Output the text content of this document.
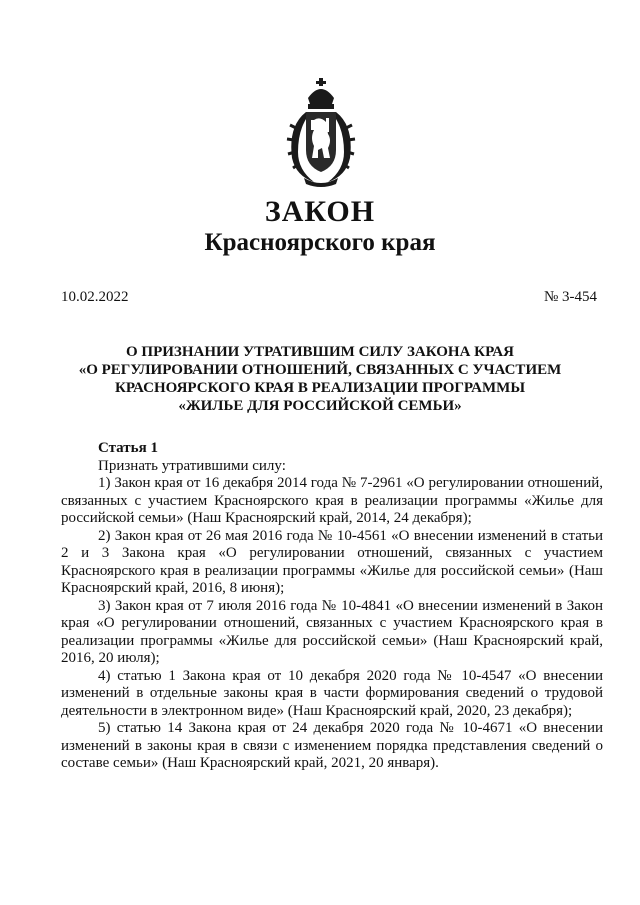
ЗАКОН
Красноярского края
10.02.2022	№ 3-454
О ПРИЗНАНИИ УТРАТИВШИМ СИЛУ ЗАКОНА КРАЯ
«О РЕГУЛИРОВАНИИ ОТНОШЕНИЙ, СВЯЗАННЫХ С УЧАСТИЕМ
КРАСНОЯРСКОГО КРАЯ В РЕАЛИЗАЦИИ ПРОГРАММЫ
«ЖИЛЬЕ ДЛЯ РОССИЙСКОЙ СЕМЬИ»
Статья 1

Признать утратившими силу:

1) Закон края от 16 декабря 2014 года № 7-2961 «О регулировании отношений, связанных с участием Красноярского края в реализации программы «Жилье для российской семьи» (Наш Красноярский край, 2014, 24 декабря);

2) Закон края от 26 мая 2016 года № 10-4561 «О внесении изменений в статьи 2 и 3 Закона края «О регулировании отношений, связанных с участием Красноярского края в реализации программы «Жилье для российской семьи» (Наш Красноярский край, 2016, 8 июня);

3) Закон края от 7 июля 2016 года № 10-4841 «О внесении изменений в Закон края «О регулировании отношений, связанных с участием Красноярского края в реализации программы «Жилье для российской семьи» (Наш Красноярский край, 2016, 20 июля);

4) статью 1 Закона края от 10 декабря 2020 года № 10-4547 «О внесении изменений в отдельные законы края в части формирования сведений о трудовой деятельности в электронном виде» (Наш Красноярский край, 2020, 23 декабря);

5) статью 14 Закона края от 24 декабря 2020 года № 10-4671 «О внесении изменений в законы края в связи с изменением порядка представления сведений о составе семьи» (Наш Красноярский край, 2021, 20 января).
